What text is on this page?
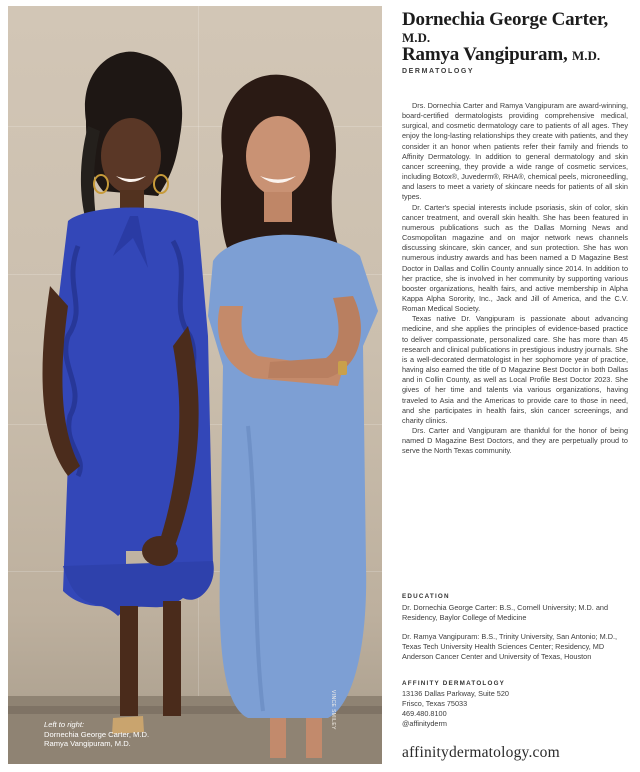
Left to right:
Dornechia George Carter, M.D.
Ramya Vangipuram, M.D.
VINCE SMILEY
Dornechia George Carter,
M.D.
Ramya Vangipuram, M.D.
DERMATOLOGY

Drs. Dornechia Carter and Ramya Vangipuram are award-winning, board-certified dermatologists providing comprehensive medical, surgical, and cosmetic dermatology care to patients of all ages. They enjoy the long-lasting relationships they create with patients, and they consider it an honor when patients refer their family and friends to Affinity Dermatology. In addition to general dermatology and skin cancer screening, they provide a wide range of cosmetic services, including Botox®, Juvederm®, RHA®, chemical peels, microneedling, and lasers to meet a variety of skincare needs for patients of all skin types.

Dr. Carter's special interests include psoriasis, skin of color, skin cancer treatment, and overall skin health. She has been featured in numerous publications such as the Dallas Morning News and Cosmopolitan magazine and on major network news channels discussing skincare, skin cancer, and sun protection. She has won numerous industry awards and has been named a D Magazine Best Doctor in Dallas and Collin County annually since 2014. In addition to her practice, she is involved in her community by supporting various booster organizations, health fairs, and active membership in Alpha Kappa Alpha Sorority, Inc., Jack and Jill of America, and the C.V. Roman Medical Society.

Texas native Dr. Vangipuram is passionate about advancing medicine, and she applies the principles of evidence-based practice to deliver compassionate, personalized care. She has more than 45 research and clinical publications in prestigious industry journals. She is a well-decorated dermatologist in her sophomore year of practice, having also earned the title of D Magazine Best Doctor in both Dallas and in Collin County, as well as Local Profile Best Doctor 2023. She gives of her time and talents via various organizations, having traveled to Asia and the Americas to provide care to those in need, and she participates in health fairs, skin cancer screenings, and charity clinics.

Drs. Carter and Vangipuram are thankful for the honor of being named D Magazine Best Doctors, and they are perpetually proud to serve the North Texas community.

EDUCATION
Dr. Dornechia George Carter: B.S., Cornell University; M.D. and Residency, Baylor College of Medicine
Dr. Ramya Vangipuram: B.S., Trinity University, San Antonio; M.D., Texas Tech University Health Sciences Center; Residency, MD Anderson Cancer Center and University of Texas, Houston
AFFINITY DERMATOLOGY
13136 Dallas Parkway, Suite 520
Frisco, Texas 75033
469.480.8100
@affinityderm
affinitydermatology.com
